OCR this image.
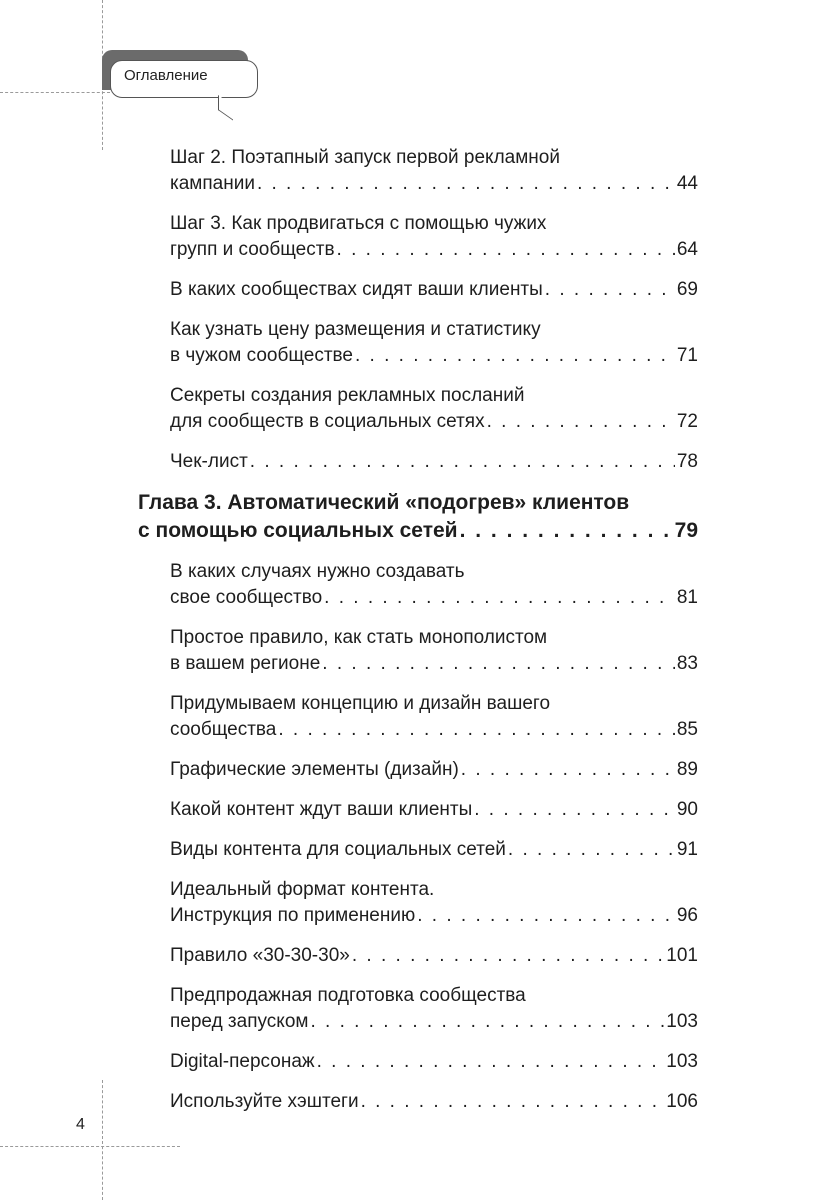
Оглавление
Шаг 2. Поэтапный запуск первой рекламной
кампании . . .	44
Шаг 3. Как продвигаться с помощью чужих
групп и сообществ . . .	64
В каких сообществах сидят ваши клиенты . . .	69
Как узнать цену размещения и статистику
в чужом сообществе . . .	71
Секреты создания рекламных посланий
для сообществ в социальных сетях . . .	72
Чек-лист . . .	78
Глава 3. Автоматический «подогрев» клиентов
с помощью социальных сетей . . .	79
В каких случаях нужно создавать
свое сообщество . . .	81
Простое правило, как стать монополистом
в вашем регионе . . .	83
Придумываем концепцию и дизайн вашего
сообщества . . .	85
Графические элементы (дизайн) . . .	89
Какой контент ждут ваши клиенты . . .	90
Виды контента для социальных сетей . . .	91
Идеальный формат контента.
Инструкция по применению . . .	96
Правило «30-30-30» . . .	101
Предпродажная подготовка сообщества
перед запуском . . .	103
Digital-персонаж . . .	103
Используйте хэштеги . . .	106
4
